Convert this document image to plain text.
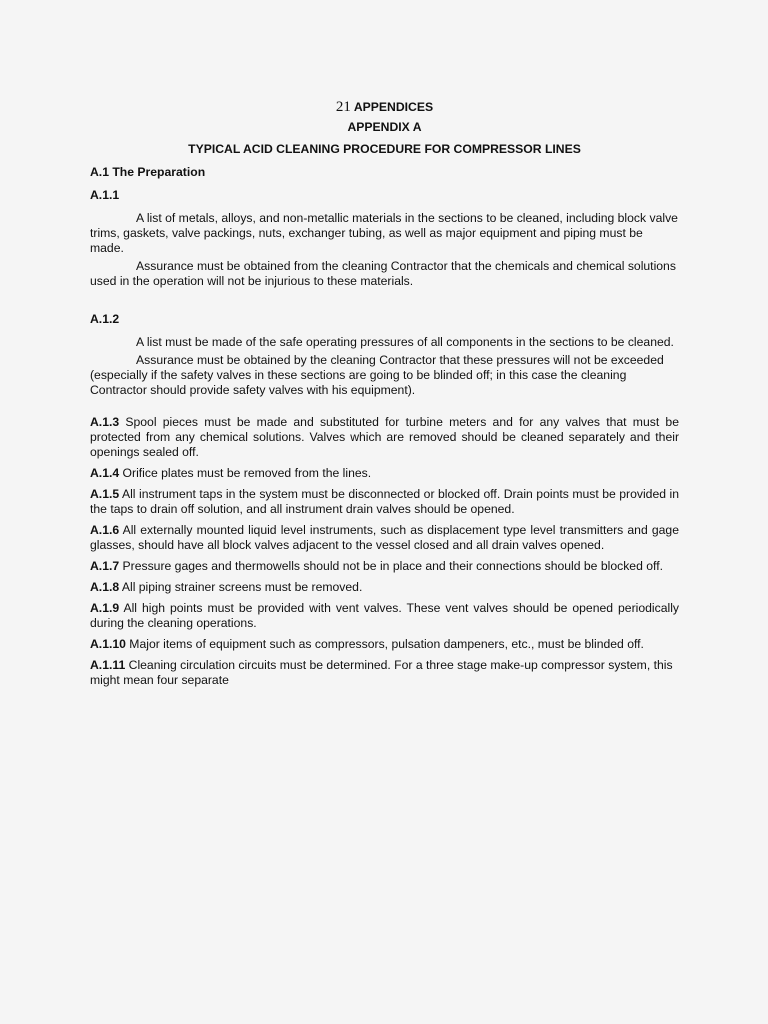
21 APPENDICES
APPENDIX A
TYPICAL ACID CLEANING PROCEDURE FOR COMPRESSOR LINES
A.1 The Preparation
A.1.1

A list of metals, alloys, and non-metallic materials in the sections to be cleaned, including block valve trims, gaskets, valve packings, nuts, exchanger tubing, as well as major equipment and piping must be made.

Assurance must be obtained from the cleaning Contractor that the chemicals and chemical solutions used in the operation will not be injurious to these materials.

A.1.2

A list must be made of the safe operating pressures of all components in the sections to be cleaned.

Assurance must be obtained by the cleaning Contractor that these pressures will not be exceeded (especially if the safety valves in these sections are going to be blinded off; in this case the cleaning Contractor should provide safety valves with his equipment).

A.1.3 Spool pieces must be made and substituted for turbine meters and for any valves that must be protected from any chemical solutions. Valves which are removed should be cleaned separately and their openings sealed off.

A.1.4 Orifice plates must be removed from the lines.

A.1.5 All instrument taps in the system must be disconnected or blocked off. Drain points must be provided in the taps to drain off solution, and all instrument drain valves should be opened.

A.1.6 All externally mounted liquid level instruments, such as displacement type level transmitters and gage glasses, should have all block valves adjacent to the vessel closed and all drain valves opened.

A.1.7 Pressure gages and thermowells should not be in place and their connections should be blocked off.

A.1.8 All piping strainer screens must be removed.

A.1.9 All high points must be provided with vent valves. These vent valves should be opened periodically during the cleaning operations.

A.1.10 Major items of equipment such as compressors, pulsation dampeners, etc., must be blinded off.

A.1.11 Cleaning circulation circuits must be determined. For a three stage make-up compressor system, this might mean four separate
